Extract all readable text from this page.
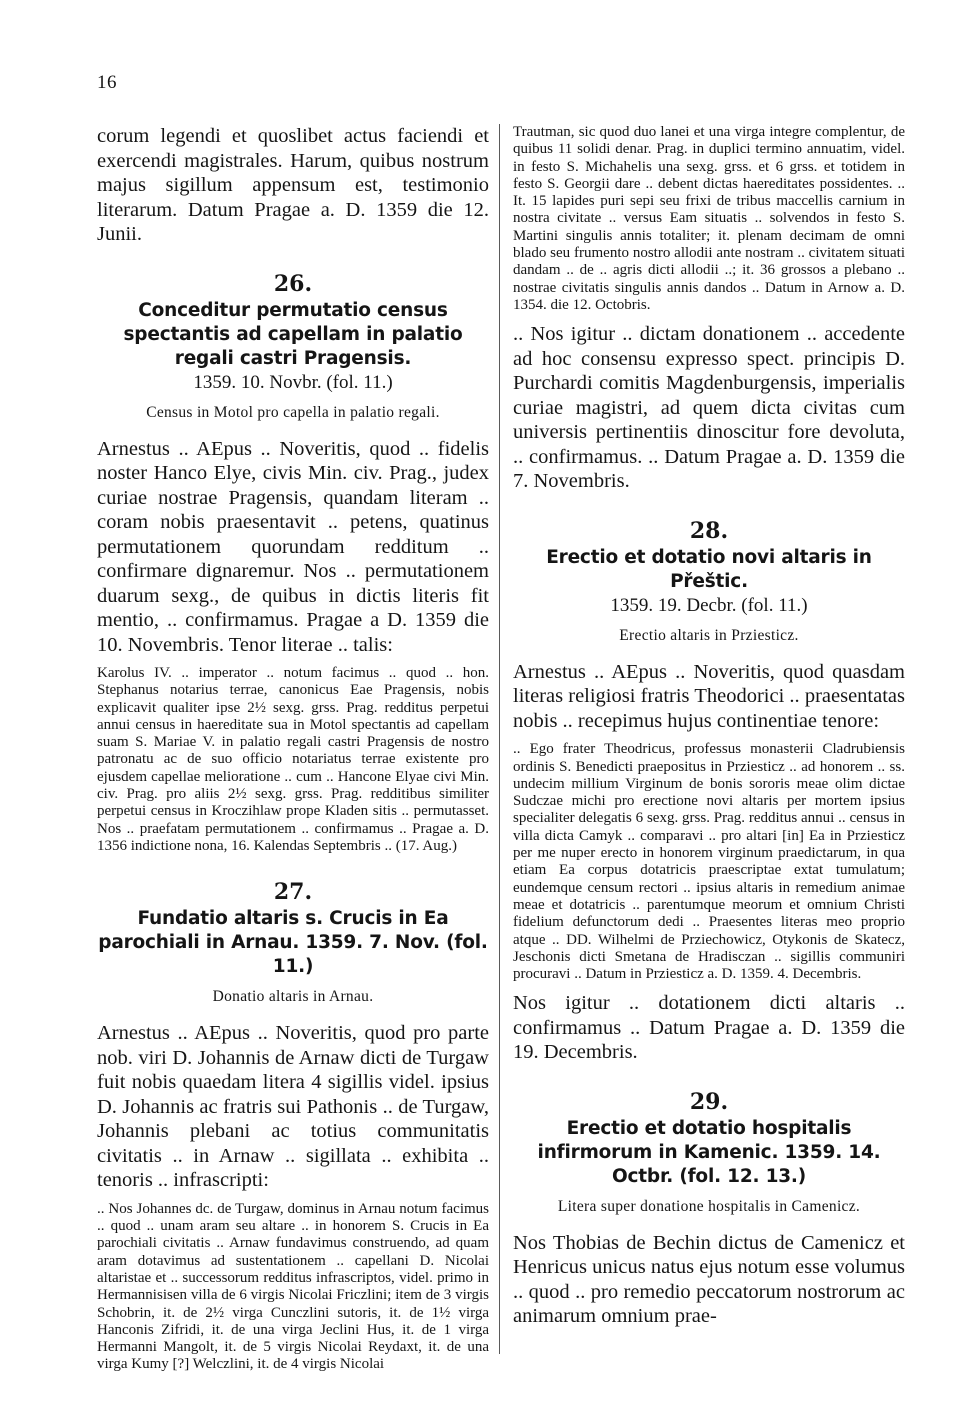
16

corum legendi et quoslibet actus faciendi et exercendi magistrales. Harum, quibus nostrum majus sigillum appensum est, testimonio literarum. Datum Pragae a. D. 1359 die 12. Junii.

26.
Conceditur permutatio census spectantis ad capellam in palatio regali castri Pragensis.
1359. 10. Novbr. (fol. 11.)
Census in Motol pro capella in palatio regali.

Arnestus .. AEpus .. Noveritis, quod .. fidelis noster Hanco Elye, civis Min. civ. Prag., judex curiae nostrae Pragensis, quandam literam .. coram nobis praesentavit .. petens, quatinus permutationem quorundam redditum .. confirmare dignaremur. Nos .. permutationem duarum sexg., de quibus in dictis literis fit mentio, .. confirmamus. Pragae a D. 1359 die 10. Novembris. Tenor literae .. talis:

Karolus IV. .. imperator .. notum facimus .. quod .. hon. Stephanus notarius terrae, canonicus Eae Pragensis, nobis explicavit qualiter ipse 2½ sexg. grss. Prag. redditus perpetui annui census in haereditate sua in Motol spectantis ad capellam suam S. Mariae V. in palatio regali castri Pragensis de nostro patronatu ac de suo officio notariatus terrae existente pro ejusdem capellae melioratione .. cum .. Hancone Elyae civi Min. civ. Prag. pro aliis 2½ sexg. grss. Prag. redditibus similiter perpetui census in Kroczihlaw prope Kladen sitis .. permutasset. Nos .. praefatam permutationem .. confirmamus .. Pragae a. D. 1356 indictione nona, 16. Kalendas Septembris .. (17. Aug.)

27.
Fundatio altaris s. Crucis in Ea parochiali in Arnau. 1359. 7. Nov. (fol. 11.)
Donatio altaris in Arnau.

Arnestus .. AEpus .. Noveritis, quod pro parte nob. viri D. Johannis de Arnaw dicti de Turgaw fuit nobis quaedam litera 4 sigillis videl. ipsius D. Johannis ac fratris sui Pathonis .. de Turgaw, Johannis plebani ac totius communitatis civitatis .. in Arnaw .. sigillata .. exhibita .. tenoris .. infrascripti:

.. Nos Johannes dc. de Turgaw, dominus in Arnau notum facimus .. quod .. unam aram seu altare .. in honorem S. Crucis in Ea parochiali civitatis .. Arnaw fundavimus construendo, ad quam aram dotavimus ad sustentationem .. capellani D. Nicolai altaristae et .. successorum redditus infrascriptos, videl. primo in Hermannisisen villa de 6 virgis Nicolai Friczlini; item de 3 virgis Schobrin, it. de 2½ virga Cunczlini sutoris, it. de 1½ virga Hanconis Zifridi, it. de una virga Jeclini Hus, it. de 1 virga Hermanni Mangolt, it. de 5 virgis Nicolai Reydaxt, it. de una virga Kumy [?] Welczlini, it. de 4 virgis Nicolai

Trautman, sic quod duo lanei et una virga integre complentur, de quibus 11 solidi denar. Prag. in duplici termino annuatim, videl. in festo S. Michahelis una sexg. grss. et 6 grss. et totidem in festo S. Georgii dare .. debent dictas haereditates possidentes. .. It. 15 lapides puri sepi seu frixi de tribus maccellis carnium in nostra civitate .. versus Eam situatis .. solvendos in festo S. Martini singulis annis totaliter; it. plenam decimam de omni blado seu frumento nostro allodii ante nostram .. civitatem situati dandam .. de .. agris dicti allodii ..; it. 36 grossos a plebano .. nostrae civitatis singulis annis dandos .. Datum in Arnow a. D. 1354. die 12. Octobris.

.. Nos igitur .. dictam donationem .. accedente ad hoc consensu expresso spect. principis D. Purchardi comitis Magdenburgensis, imperialis curiae magistri, ad quem dicta civitas cum universis pertinentiis dinoscitur fore devoluta, .. confirmamus. .. Datum Pragae a. D. 1359 die 7. Novembris.

28.
Erectio et dotatio novi altaris in Přeštic.
1359. 19. Decbr. (fol. 11.)
Erectio altaris in Prziesticz.

Arnestus .. AEpus .. Noveritis, quod quasdam literas religiosi fratris Theodorici .. praesentatas nobis .. recepimus hujus continentiae tenore:

.. Ego frater Theodricus, professus monasterii Cladrubiensis ordinis S. Benedicti praepositus in Prziesticz .. ad honorem .. ss. undecim millium Virginum de bonis sororis meae olim dictae Sudczae michi pro erectione novi altaris per mortem ipsius specialiter delegatis 6 sexg. grss. Prag. redditus annui .. census in villa dicta Camyk .. comparavi .. pro altari [in] Ea in Prziesticz per me nuper erecto in honorem virginum praedictarum, in qua etiam Ea corpus dotatricis praescriptae extat tumulatum; eundemque censum rectori .. ipsius altaris in remedium animae meae et dotatricis .. parentumque meorum et omnium Christi fidelium defunctorum dedi .. Praesentes literas meo proprio atque .. DD. Wilhelmi de Prziechowicz, Otykonis de Skatecz, Jeschonis dicti Smetana de Hradisczan .. sigillis communiri procuravi .. Datum in Prziesticz a. D. 1359. 4. Decembris.

Nos igitur .. dotationem dicti altaris .. confirmamus .. Datum Pragae a. D. 1359 die 19. Decembris.

29.
Erectio et dotatio hospitalis infirmorum in Kamenic. 1359. 14. Octbr. (fol. 12. 13.)
Litera super donatione hospitalis in Camenicz.

Nos Thobias de Bechin dictus de Camenicz et Henricus unicus natus ejus notum esse volumus .. quod .. pro remedio peccatorum nostrorum ac animarum omnium prae-
